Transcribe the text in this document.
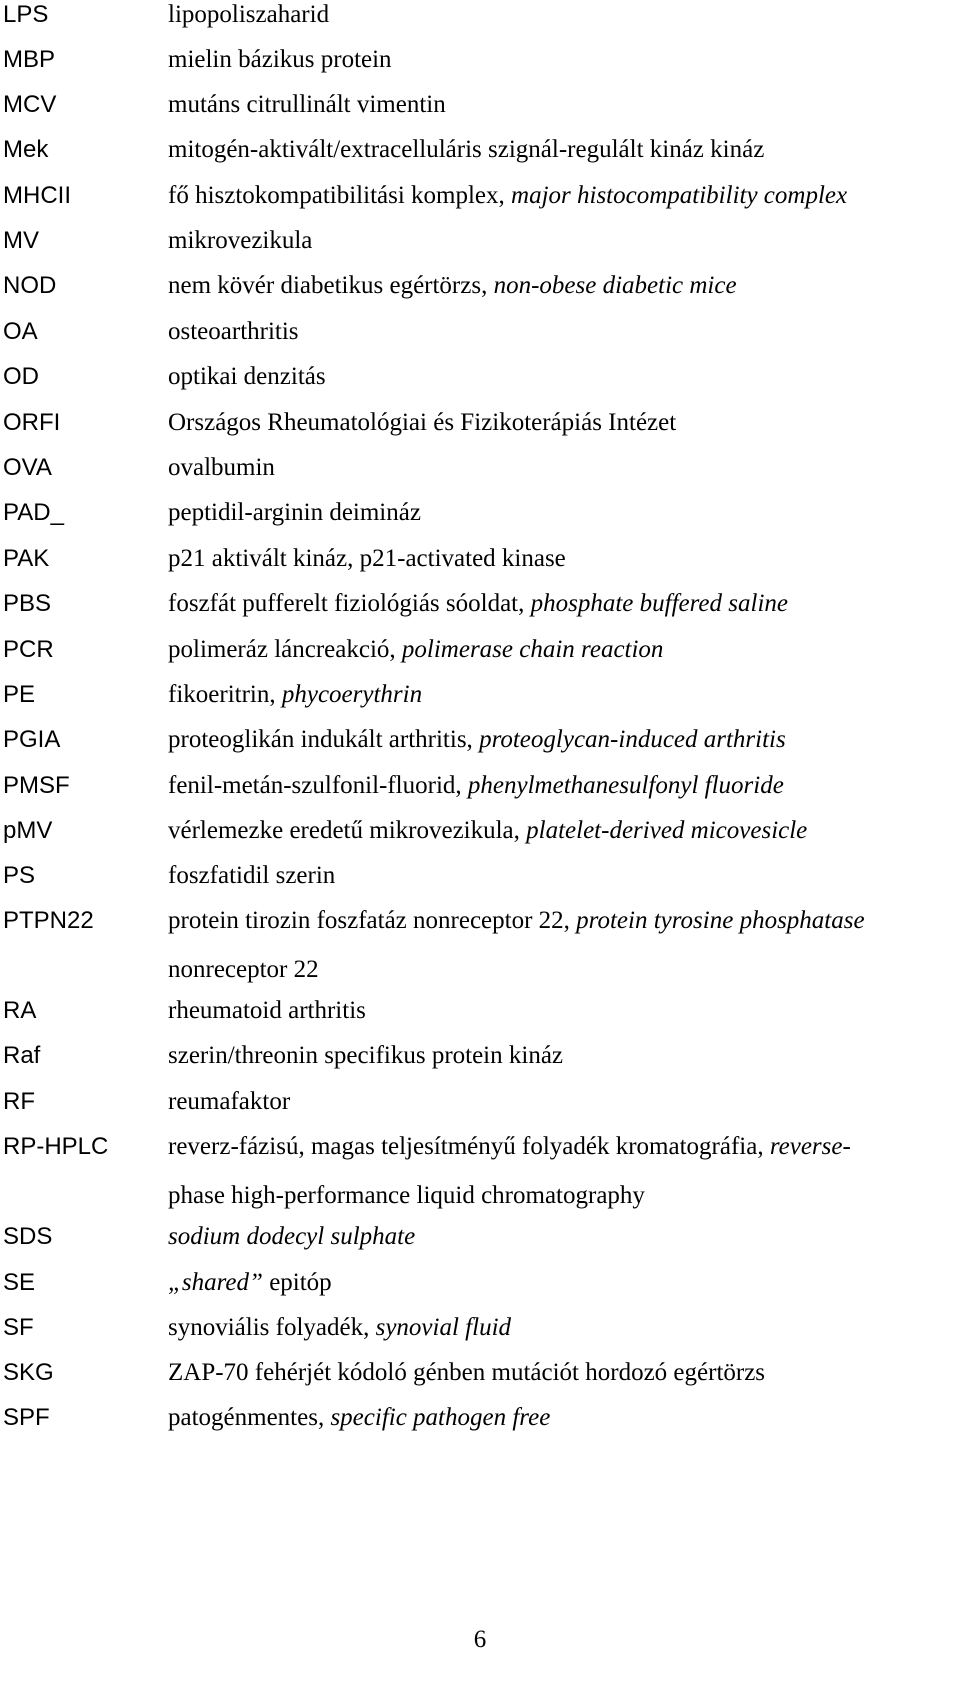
LPS	lipopoliszaharid
MBP	mielin bázikus protein
MCV	mutáns citrullinált vimentin
Mek	mitogén-aktivált/extracelluláris szignál-regulált kináz kináz
MHCII	fő hisztokompatibilitási komplex, major histocompatibility complex
MV	mikrovezikula
NOD	nem kövér diabetikus egértörzs, non-obese diabetic mice
OA	osteoarthritis
OD	optikai denzitás
ORFI	Országos Rheumatológiai és Fizikoterápiás Intézet
OVA	ovalbumin
PAD_	peptidil-arginin deimináz
PAK	p21 aktivált kináz, p21-activated kinase
PBS	foszfát pufferelt fiziológiás sóoldat, phosphate buffered saline
PCR	polimeráz láncreakció, polimerase chain reaction
PE	fikoeritrin, phycoerythrin
PGIA	proteoglikán indukált arthritis, proteoglycan-induced arthritis
PMSF	fenil-metán-szulfonil-fluorid, phenylmethanesulfonyl fluoride
pMV	vérlemezke eredetű mikrovezikula, platelet-derived micovesicle
PS	foszfatidil szerin
PTPN22	protein tirozin foszfatáz nonreceptor 22, protein tyrosine phosphatase
nonreceptor 22
RA	rheumatoid arthritis
Raf	szerin/threonin specifikus protein kináz
RF	reumafaktor
RP-HPLC reverz-fázisú, magas teljesítményű folyadék kromatográfia, reverse-
phase high-performance liquid chromatography
SDS	sodium dodecyl sulphate
SE	„shared” epitóp
SF	synoviális folyadék, synovial fluid
SKG	ZAP-70 fehérjét kódoló génben mutációt hordozó egértörzs
SPF	patogénmentes, specific pathogen free
6
